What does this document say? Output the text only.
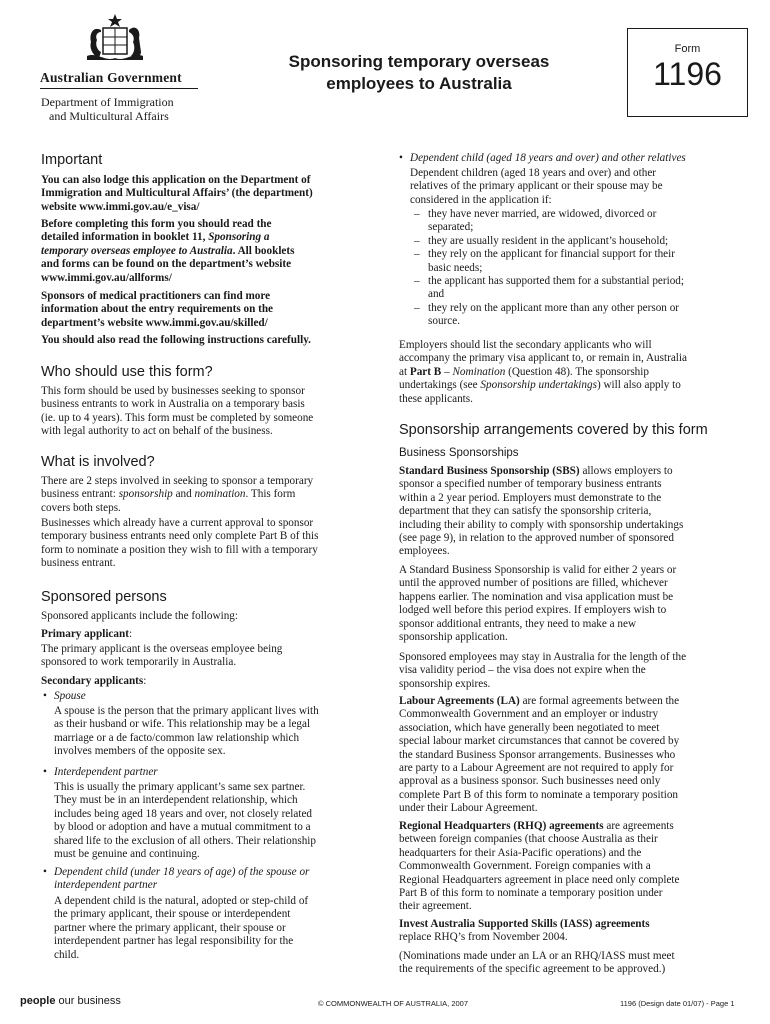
Australian Government
Department of Immigration
and Multicultural Affairs
Sponsoring temporary overseas
employees to Australia
Form
1196
Important
You can also lodge this application on the Department of
Immigration and Multicultural Affairs’ (the department)
website www.immi.gov.au/e_visa/
Before completing this form you should read the
detailed information in booklet 11, Sponsoring a
temporary overseas employee to Australia. All booklets
and forms can be found on the department’s website
www.immi.gov.au/allforms/
Sponsors of medical practitioners can find more
information about the entry requirements on the
department’s website www.immi.gov.au/skilled/
You should also read the following instructions carefully.
Who should use this form?
This form should be used by businesses seeking to sponsor
business entrants to work in Australia on a temporary basis
(ie. up to 4 years). This form must be completed by someone
with legal authority to act on behalf of the business.
What is involved?
There are 2 steps involved in seeking to sponsor a temporary
business entrant: sponsorship and nomination. This form
covers both steps.
Businesses which already have a current approval to sponsor
temporary business entrants need only complete Part B of this
form to nominate a position they wish to fill with a temporary
business entrant.
Sponsored persons
Sponsored applicants include the following:
Primary applicant:
The primary applicant is the overseas employee being
sponsored to work temporarily in Australia.
Secondary applicants:
• Spouse
A spouse is the person that the primary applicant lives with
as their husband or wife. This relationship may be a legal
marriage or a de facto/common law relationship which
involves members of the opposite sex.
• Interdependent partner
This is usually the primary applicant’s same sex partner.
They must be in an interdependent relationship, which
includes being aged 18 years and over, not closely related
by blood or adoption and have a mutual commitment to a
shared life to the exclusion of all others. Their relationship
must be genuine and continuing.
• Dependent child (under 18 years of age) of the spouse or
interdependent partner
A dependent child is the natural, adopted or step-child of
the primary applicant, their spouse or interdependent
partner where the primary applicant, their spouse or
interdependent partner has legal responsibility for the
child.
• Dependent child (aged 18 years and over) and other relatives
Dependent children (aged 18 years and over) and other
relatives of the primary applicant or their spouse may be
considered in the application if:
– they have never married, are widowed, divorced or
separated;
– they are usually resident in the applicant’s household;
– they rely on the applicant for financial support for their
basic needs;
– the applicant has supported them for a substantial period;
and
– they rely on the applicant more than any other person or
source.
Employers should list the secondary applicants who will
accompany the primary visa applicant to, or remain in, Australia
at Part B – Nomination (Question 48). The sponsorship
undertakings (see Sponsorship undertakings) will also apply to
these applicants.
Sponsorship arrangements covered by this form
Business Sponsorships
Standard Business Sponsorship (SBS) allows employers to
sponsor a specified number of temporary business entrants
within a 2 year period. Employers must demonstrate to the
department that they can satisfy the sponsorship criteria,
including their ability to comply with sponsorship undertakings
(see page 9), in relation to the approved number of sponsored
employees.
A Standard Business Sponsorship is valid for either 2 years or
until the approved number of positions are filled, whichever
happens earlier. The nomination and visa application must be
lodged well before this period expires. If employers wish to
sponsor additional entrants, they need to make a new
sponsorship application.
Sponsored employees may stay in Australia for the length of the
visa validity period – the visa does not expire when the
sponsorship expires.
Labour Agreements (LA) are formal agreements between the
Commonwealth Government and an employer or industry
association, which have generally been negotiated to meet
special labour market circumstances that cannot be covered by
the standard Business Sponsor arrangements. Businesses who
are party to a Labour Agreement are not required to apply for
approval as a business sponsor. Such businesses need only
complete Part B of this form to nominate a temporary position
under their Labour Agreement.
Regional Headquarters (RHQ) agreements are agreements
between foreign companies (that choose Australia as their
headquarters for their Asia-Pacific operations) and the
Commonwealth Government. Foreign companies with a
Regional Headquarters agreement in place need only complete
Part B of this form to nominate a temporary position under
their agreement.
Invest Australia Supported Skills (IASS) agreements
replace RHQ’s from November 2004.
(Nominations made under an LA or an RHQ/IASS must meet
the requirements of the specific agreement to be approved.)
people our business	© COMMONWEALTH OF AUSTRALIA, 2007	1196 (Design date 01/07) - Page 1
